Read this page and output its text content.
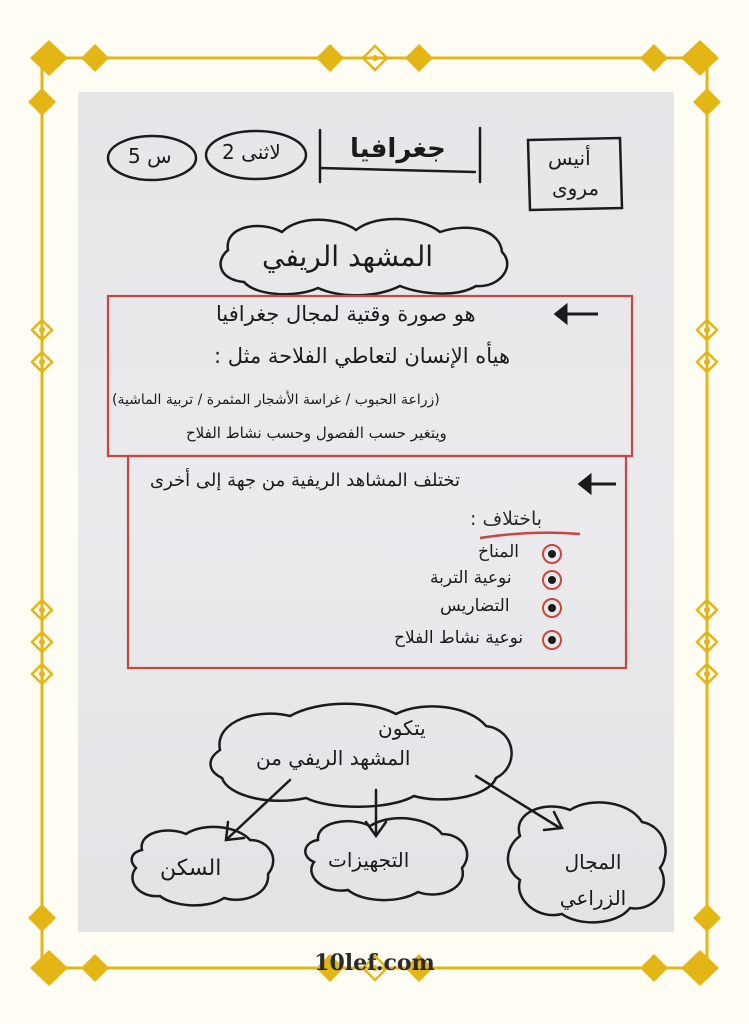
س 5	لاثنى 2	جغرافيا	أنيس
مروى
المشهد الريفي
هو صورة وقتية لمجال جغرافيا
هيأه الإنسان لتعاطي الفلاحة مثل :
(زراعة الحبوب / غراسة الأشجار المثمرة / تربية الماشية)
ويتغير حسب الفصول وحسب نشاط الفلاح
تختلف المشاهد الريفية من جهة إلى أخرى
باختلاف :
المناخ
نوعية التربة
التضاريس
نوعية نشاط الفلاح
يتكون
المشهد الريفي من
السكن	التجهيزات	المجال الزراعي
10lef.com
